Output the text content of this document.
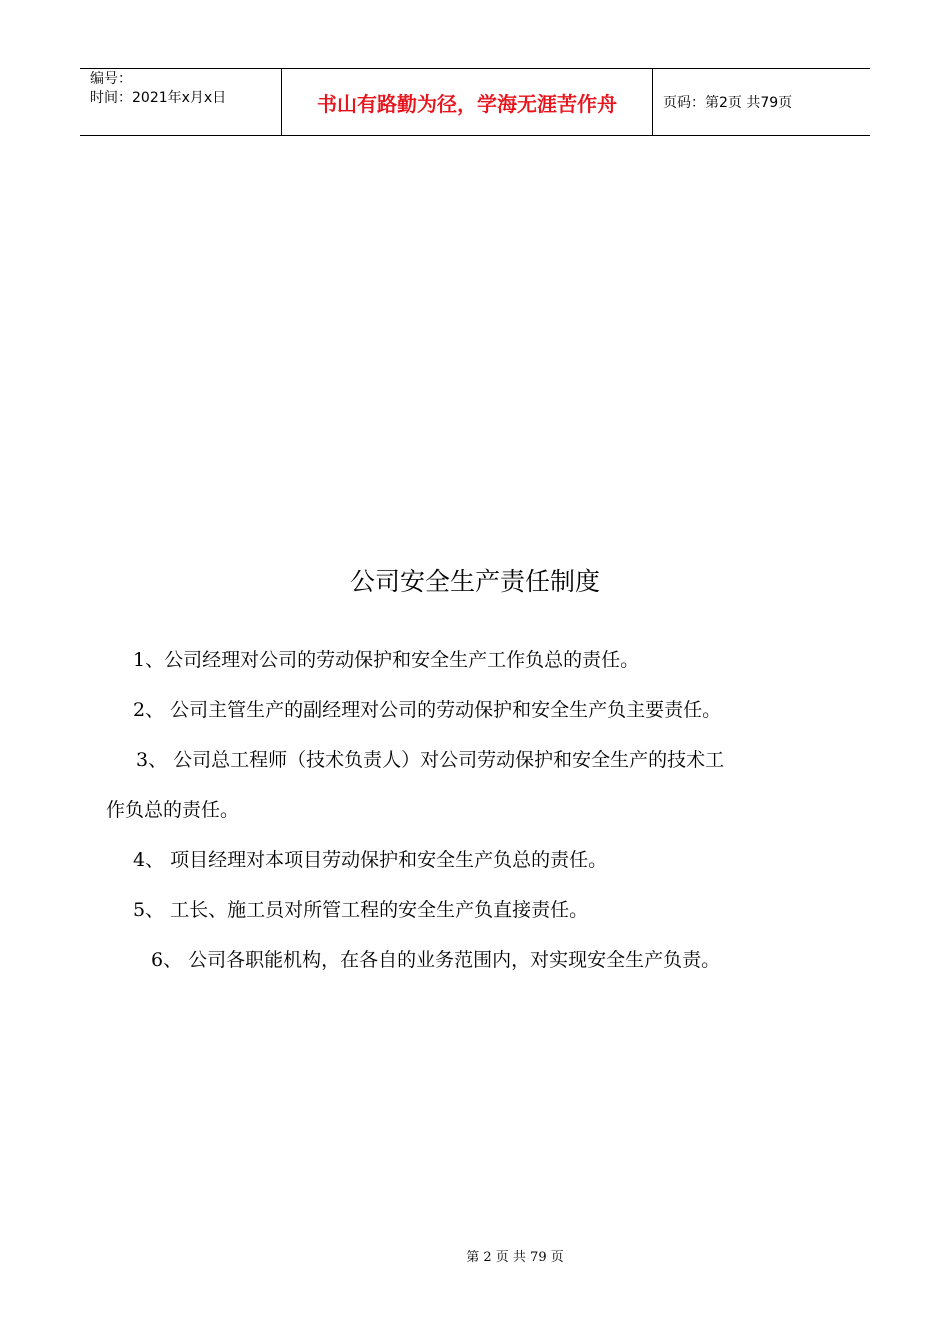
编号：
时间：2021年x月x日	书山有路勤为径，学海无涯苦作舟	页码：第2页 共79页
公司安全生产责任制度
1、公司经理对公司的劳动保护和安全生产工作负总的责任。
2、 公司主管生产的副经理对公司的劳动保护和安全生产负主要责任。
3、 公司总工程师（技术负责人）对公司劳动保护和安全生产的技术工
作负总的责任。
4、 项目经理对本项目劳动保护和安全生产负总的责任。
5、 工长、施工员对所管工程的安全生产负直接责任。
6、 公司各职能机构，在各自的业务范围内，对实现安全生产负责。
第 2 页 共 79 页
